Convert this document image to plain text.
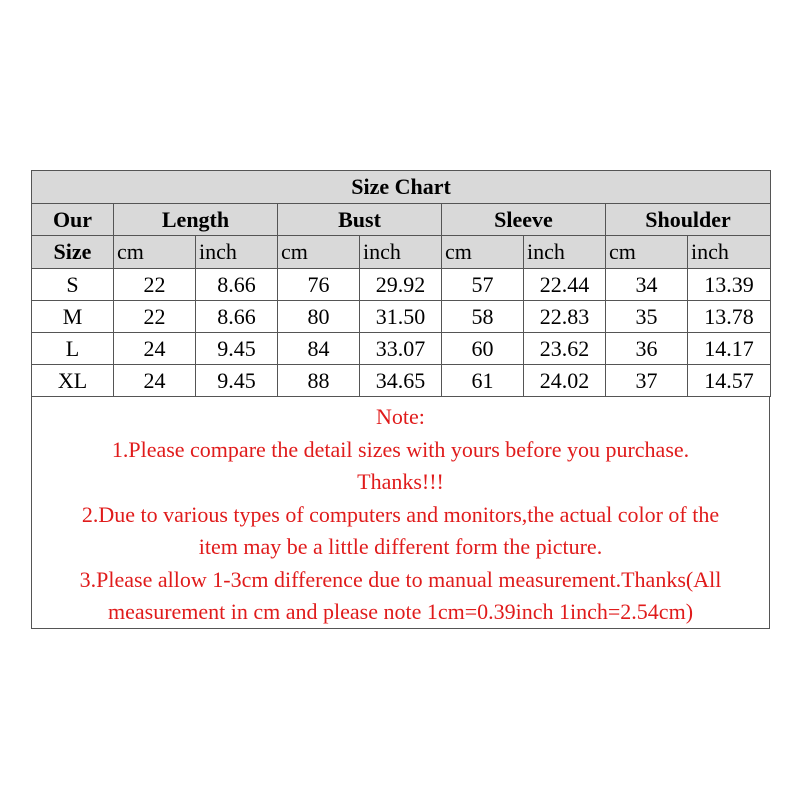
Size Chart								
Our	Length		Bust		Sleeve		Shoulder	
Size	cm	inch	cm	inch	cm	inch	cm	inch
S	22	8.66	76	29.92	57	22.44	34	13.39
M	22	8.66	80	31.50	58	22.83	35	13.78
L	24	9.45	84	33.07	60	23.62	36	14.17
XL	24	9.45	88	34.65	61	24.02	37	14.57
Note:
1.Please compare the detail sizes with yours before you purchase.
Thanks!!!
2.Due to various types of computers and monitors,the actual color of the
item may be a little different form the picture.
3.Please allow 1-3cm difference due to manual measurement.Thanks(All
measurement in cm and please note 1cm=0.39inch 1inch=2.54cm)
